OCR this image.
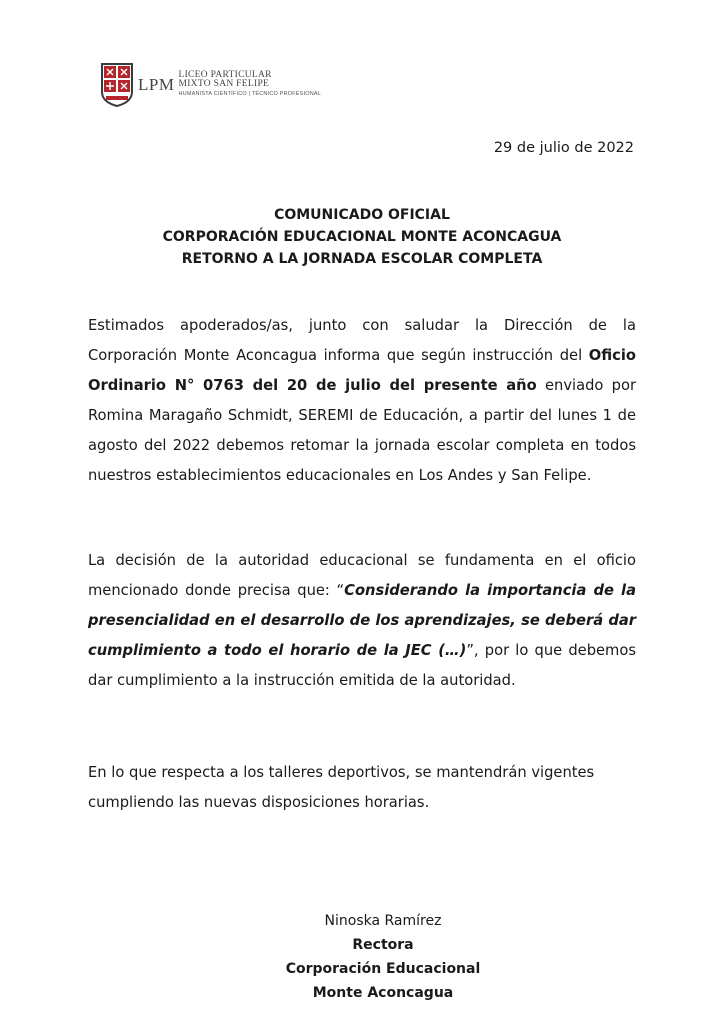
LPM LICEO PARTICULAR
MIXTO SAN FELIPE
HUMANISTA CIENTÍFICO | TÉCNICO PROFESIONAL
29 de julio de 2022
COMUNICADO OFICIAL
CORPORACIÓN EDUCACIONAL MONTE ACONCAGUA
RETORNO A LA JORNADA ESCOLAR COMPLETA

Estimados apoderados/as, junto con saludar la Dirección de la Corporación Monte Aconcagua informa que según instrucción del Oficio Ordinario N° 0763 del 20 de julio del presente año enviado por Romina Maragaño Schmidt, SEREMI de Educación, a partir del lunes 1 de agosto del 2022 debemos retomar la jornada escolar completa en todos nuestros establecimientos educacionales en Los Andes y San Felipe.

La decisión de la autoridad educacional se fundamenta en el oficio mencionado donde precisa que: “Considerando la importancia de la presencialidad en el desarrollo de los aprendizajes, se deberá dar cumplimiento a todo el horario de la JEC (…)”, por lo que debemos dar cumplimiento a la instrucción emitida de la autoridad.

En lo que respecta a los talleres deportivos, se mantendrán vigentes cumpliendo las nuevas disposiciones horarias.

Ninoska Ramírez
Rectora
Corporación Educacional
Monte Aconcagua
